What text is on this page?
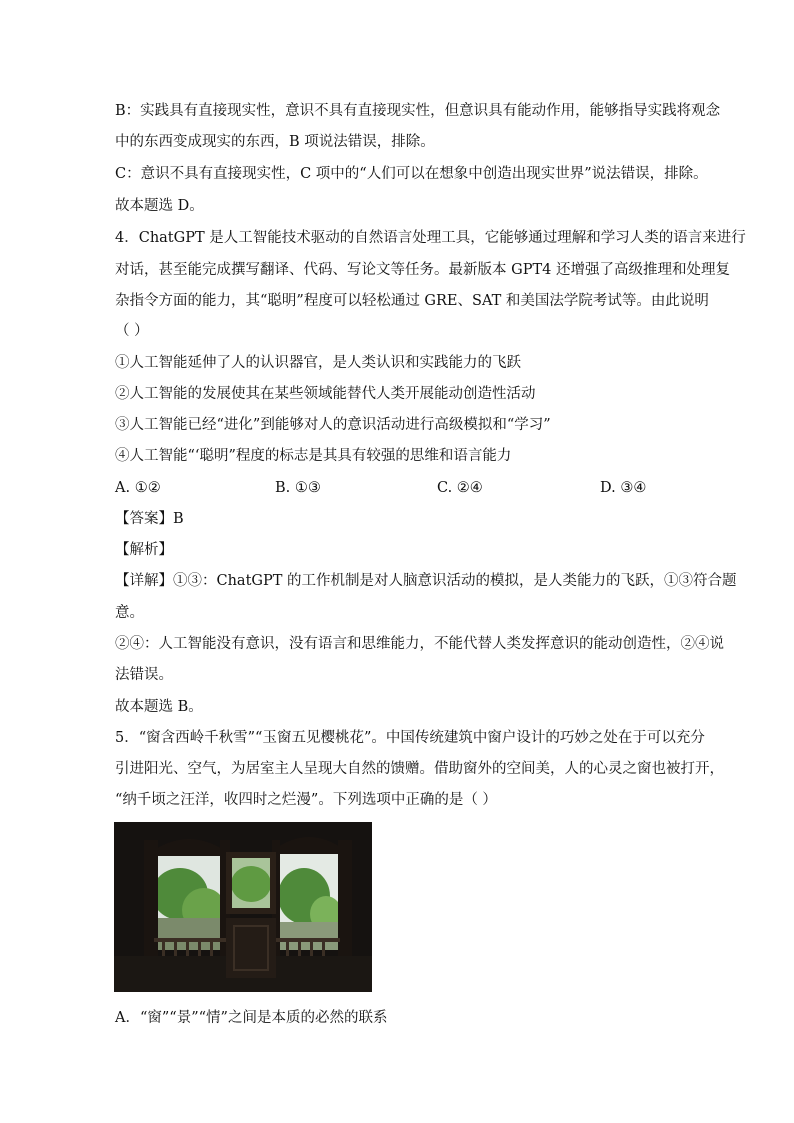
B：实践具有直接现实性，意识不具有直接现实性，但意识具有能动作用，能够指导实践将观念

中的东西变成现实的东西，B 项说法错误，排除。

C：意识不具有直接现实性，C 项中的“人们可以在想象中创造出现实世界”说法错误，排除。

故本题选 D。

4．ChatGPT 是人工智能技术驱动的自然语言处理工具，它能够通过理解和学习人类的语言来进行

对话，甚至能完成撰写翻译、代码、写论文等任务。最新版本 GPT4 还增强了高级推理和处理复

杂指令方面的能力，其“聪明”程度可以轻松通过 GRE、SAT 和美国法学院考试等。由此说明

（ ）

①人工智能延伸了人的认识器官，是人类认识和实践能力的飞跃

②人工智能的发展使其在某些领域能替代人类开展能动创造性活动

③人工智能已经“进化”到能够对人的意识活动进行高级模拟和“学习”

④人工智能“‘聪明”程度的标志是其具有较强的思维和语言能力

A. ①②	B. ①③	C. ②④	D. ③④

【答案】B

【解析】

【详解】①③：ChatGPT 的工作机制是对人脑意识活动的模拟，是人类能力的飞跃，①③符合题

意。

②④：人工智能没有意识，没有语言和思维能力，不能代替人类发挥意识的能动创造性，②④说

法错误。

故本题选 B。

5．“窗含西岭千秋雪”“玉窗五见樱桃花”。中国传统建筑中窗户设计的巧妙之处在于可以充分

引进阳光、空气，为居室主人呈现大自然的馈赠。借助窗外的空间美，人的心灵之窗也被打开，

“纳千顷之汪洋，收四时之烂漫”。下列选项中正确的是（ ）

A．“窗”“景”“情”之间是本质的必然的联系
